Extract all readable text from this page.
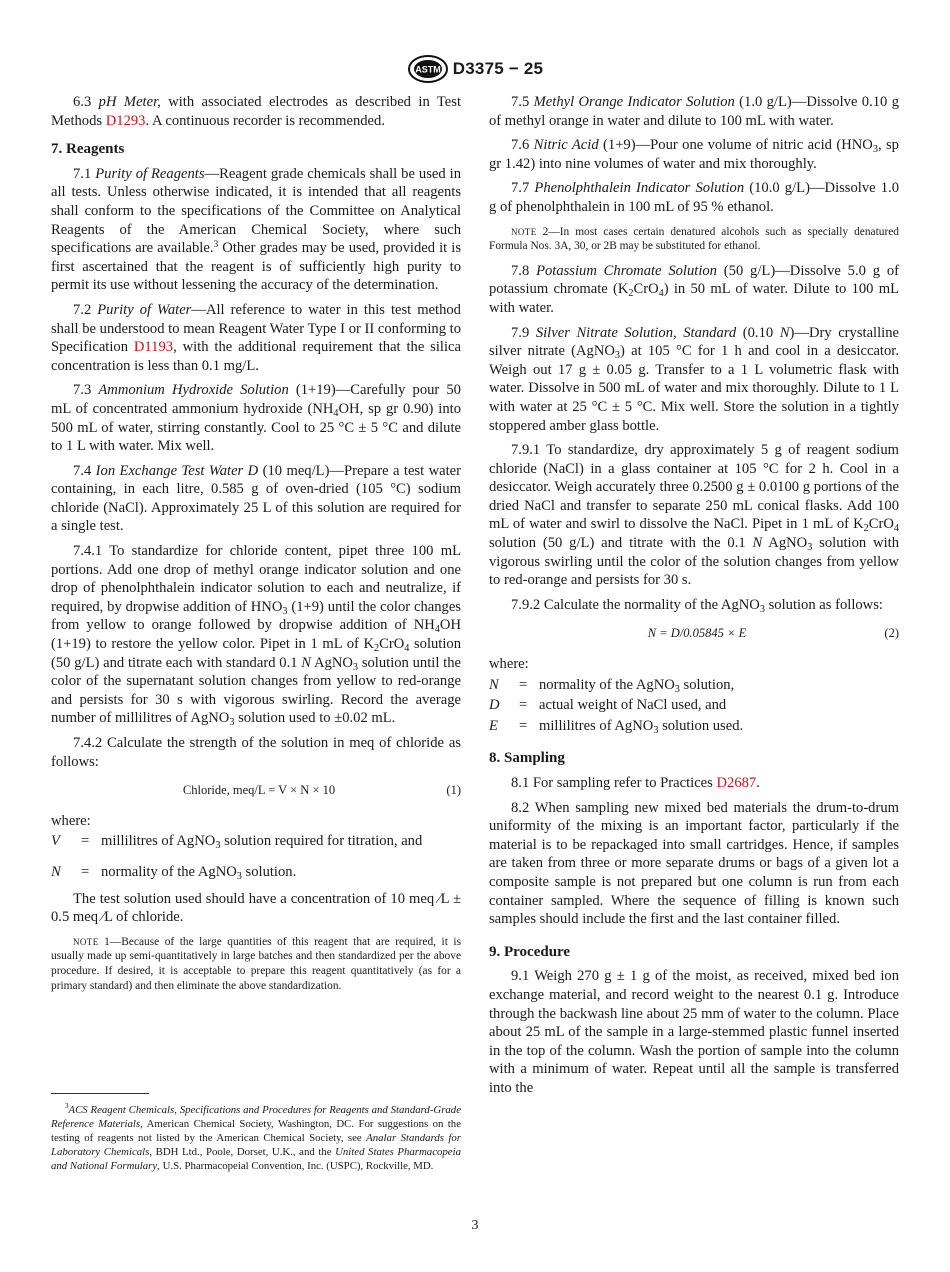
ASTM D3375 − 25

6.3 pH Meter, with associated electrodes as described in Test Methods D1293. A continuous recorder is recommended.

7. Reagents

7.1 Purity of Reagents—Reagent grade chemicals shall be used in all tests. Unless otherwise indicated, it is intended that all reagents shall conform to the specifications of the Committee on Analytical Reagents of the American Chemical Society, where such specifications are available.$^3$ Other grades may be used, provided it is first ascertained that the reagent is of sufficiently high purity to permit its use without lessening the accuracy of the determination.

7.2 Purity of Water—All reference to water in this test method shall be understood to mean Reagent Water Type I or II conforming to Specification D1193, with the additional requirement that the silica concentration is less than 0.1 mg/L.

7.3 Ammonium Hydroxide Solution (1+19)—Carefully pour 50 mL of concentrated ammonium hydroxide ($NH_4OH$, sp gr 0.90) into 500 mL of water, stirring constantly. Cool to 25 °C ± 5 °C and dilute to 1 L with water. Mix well.

7.4 Ion Exchange Test Water D (10 meq/L)—Prepare a test water containing, in each litre, 0.585 g of oven-dried (105 °C) sodium chloride (NaCl). Approximately 25 L of this solution are required for a single test.

7.4.1 To standardize for chloride content, pipet three 100 mL portions. Add one drop of methyl orange indicator solution and one drop of phenolphthalein indicator solution to each and neutralize, if required, by dropwise addition of $HNO_3$ (1+9) until the color changes from yellow to orange followed by dropwise addition of $NH_4OH$ (1+19) to restore the yellow color. Pipet in 1 mL of $K_2CrO_4$ solution (50 g/L) and titrate each with standard 0.1 N AgNO$_3$ solution until the color of the supernatant solution changes from yellow to red-orange and persists for 30 s with vigorous swirling. Record the average number of millilitres of AgNO$_3$ solution used to ±0.02 mL.

7.4.2 Calculate the strength of the solution in meq of chloride as follows:

Chloride, meq/L = V × N × 10	(1)
where:
V	= millilitres of AgNO$_3$ solution required for titration, and
N	= normality of the AgNO$_3$ solution.

The test solution used should have a concentration of 10 meq ⁄L ± 0.5 meq ⁄L of chloride.

NOTE 1—Because of the large quantities of this reagent that are required, it is usually made up semi-quantitatively in large batches and then standardized per the above procedure. If desired, it is acceptable to prepare this reagent quantitatively (as for a primary standard) and then eliminate the above standardization.

$^3$ACS Reagent Chemicals, Specifications and Procedures for Reagents and Standard-Grade Reference Materials, American Chemical Society, Washington, DC. For suggestions on the testing of reagents not listed by the American Chemical Society, see Analar Standards for Laboratory Chemicals, BDH Ltd., Poole, Dorset, U.K., and the United States Pharmacopeia and National Formulary, U.S. Pharmacopeial Convention, Inc. (USPC), Rockville, MD.

7.5 Methyl Orange Indicator Solution (1.0 g/L)—Dissolve 0.10 g of methyl orange in water and dilute to 100 mL with water.

7.6 Nitric Acid (1+9)—Pour one volume of nitric acid ($HNO_3$, sp gr 1.42) into nine volumes of water and mix thoroughly.

7.7 Phenolphthalein Indicator Solution (10.0 g/L)—Dissolve 1.0 g of phenolphthalein in 100 mL of 95 % ethanol.

NOTE 2—In most cases certain denatured alcohols such as specially denatured Formula Nos. 3A, 30, or 2B may be substituted for ethanol.

7.8 Potassium Chromate Solution (50 g/L)—Dissolve 5.0 g of potassium chromate $(K_2CrO_4)$ in 50 mL of water. Dilute to 100 mL with water.

7.9 Silver Nitrate Solution, Standard (0.10 N)—Dry crystalline silver nitrate (AgNO$_3$) at 105 °C for 1 h and cool in a desiccator. Weigh out 17 g ± 0.05 g. Transfer to a 1 L volumetric flask with water. Dissolve in 500 mL of water and mix thoroughly. Dilute to 1 L with water at 25 °C ± 5 °C. Mix well. Store the solution in a tightly stoppered amber glass bottle.

7.9.1 To standardize, dry approximately 5 g of reagent sodium chloride (NaCl) in a glass container at 105 °C for 2 h. Cool in a desiccator. Weigh accurately three 0.2500 g ± 0.0100 g portions of the dried NaCl and transfer to separate 250 mL conical flasks. Add 100 mL of water and swirl to dissolve the NaCl. Pipet in 1 mL of $K_2CrO_4$ solution (50 g/L) and titrate with the 0.1 N AgNO$_3$ solution with vigorous swirling until the color of the solution changes from yellow to red-orange and persists for 30 s.

7.9.2 Calculate the normality of the AgNO$_3$ solution as follows:

N = D/0.05845 × E	(2)
where:
N	= normality of the AgNO$_3$ solution,
D	= actual weight of NaCl used, and
E	= millilitres of AgNO$_3$ solution used.
8. Sampling

8.1 For sampling refer to Practices D2687.

8.2 When sampling new mixed bed materials the drum-to-drum uniformity of the mixing is an important factor, particularly if the material is to be repackaged into small cartridges. Hence, if samples are taken from three or more separate drums or bags of a given lot a composite sample is not prepared but one column is run from each container sampled. Where the sequence of filling is known such samples should include the first and the last container filled.

9. Procedure

9.1 Weigh 270 g ± 1 g of the moist, as received, mixed bed ion exchange material, and record weight to the nearest 0.1 g. Introduce through the backwash line about 25 mm of water to the column. Place about 25 mL of the sample in a large-stemmed plastic funnel inserted in the top of the column. Wash the portion of sample into the column with a minimum of water. Repeat until all the sample is transferred into the

3
